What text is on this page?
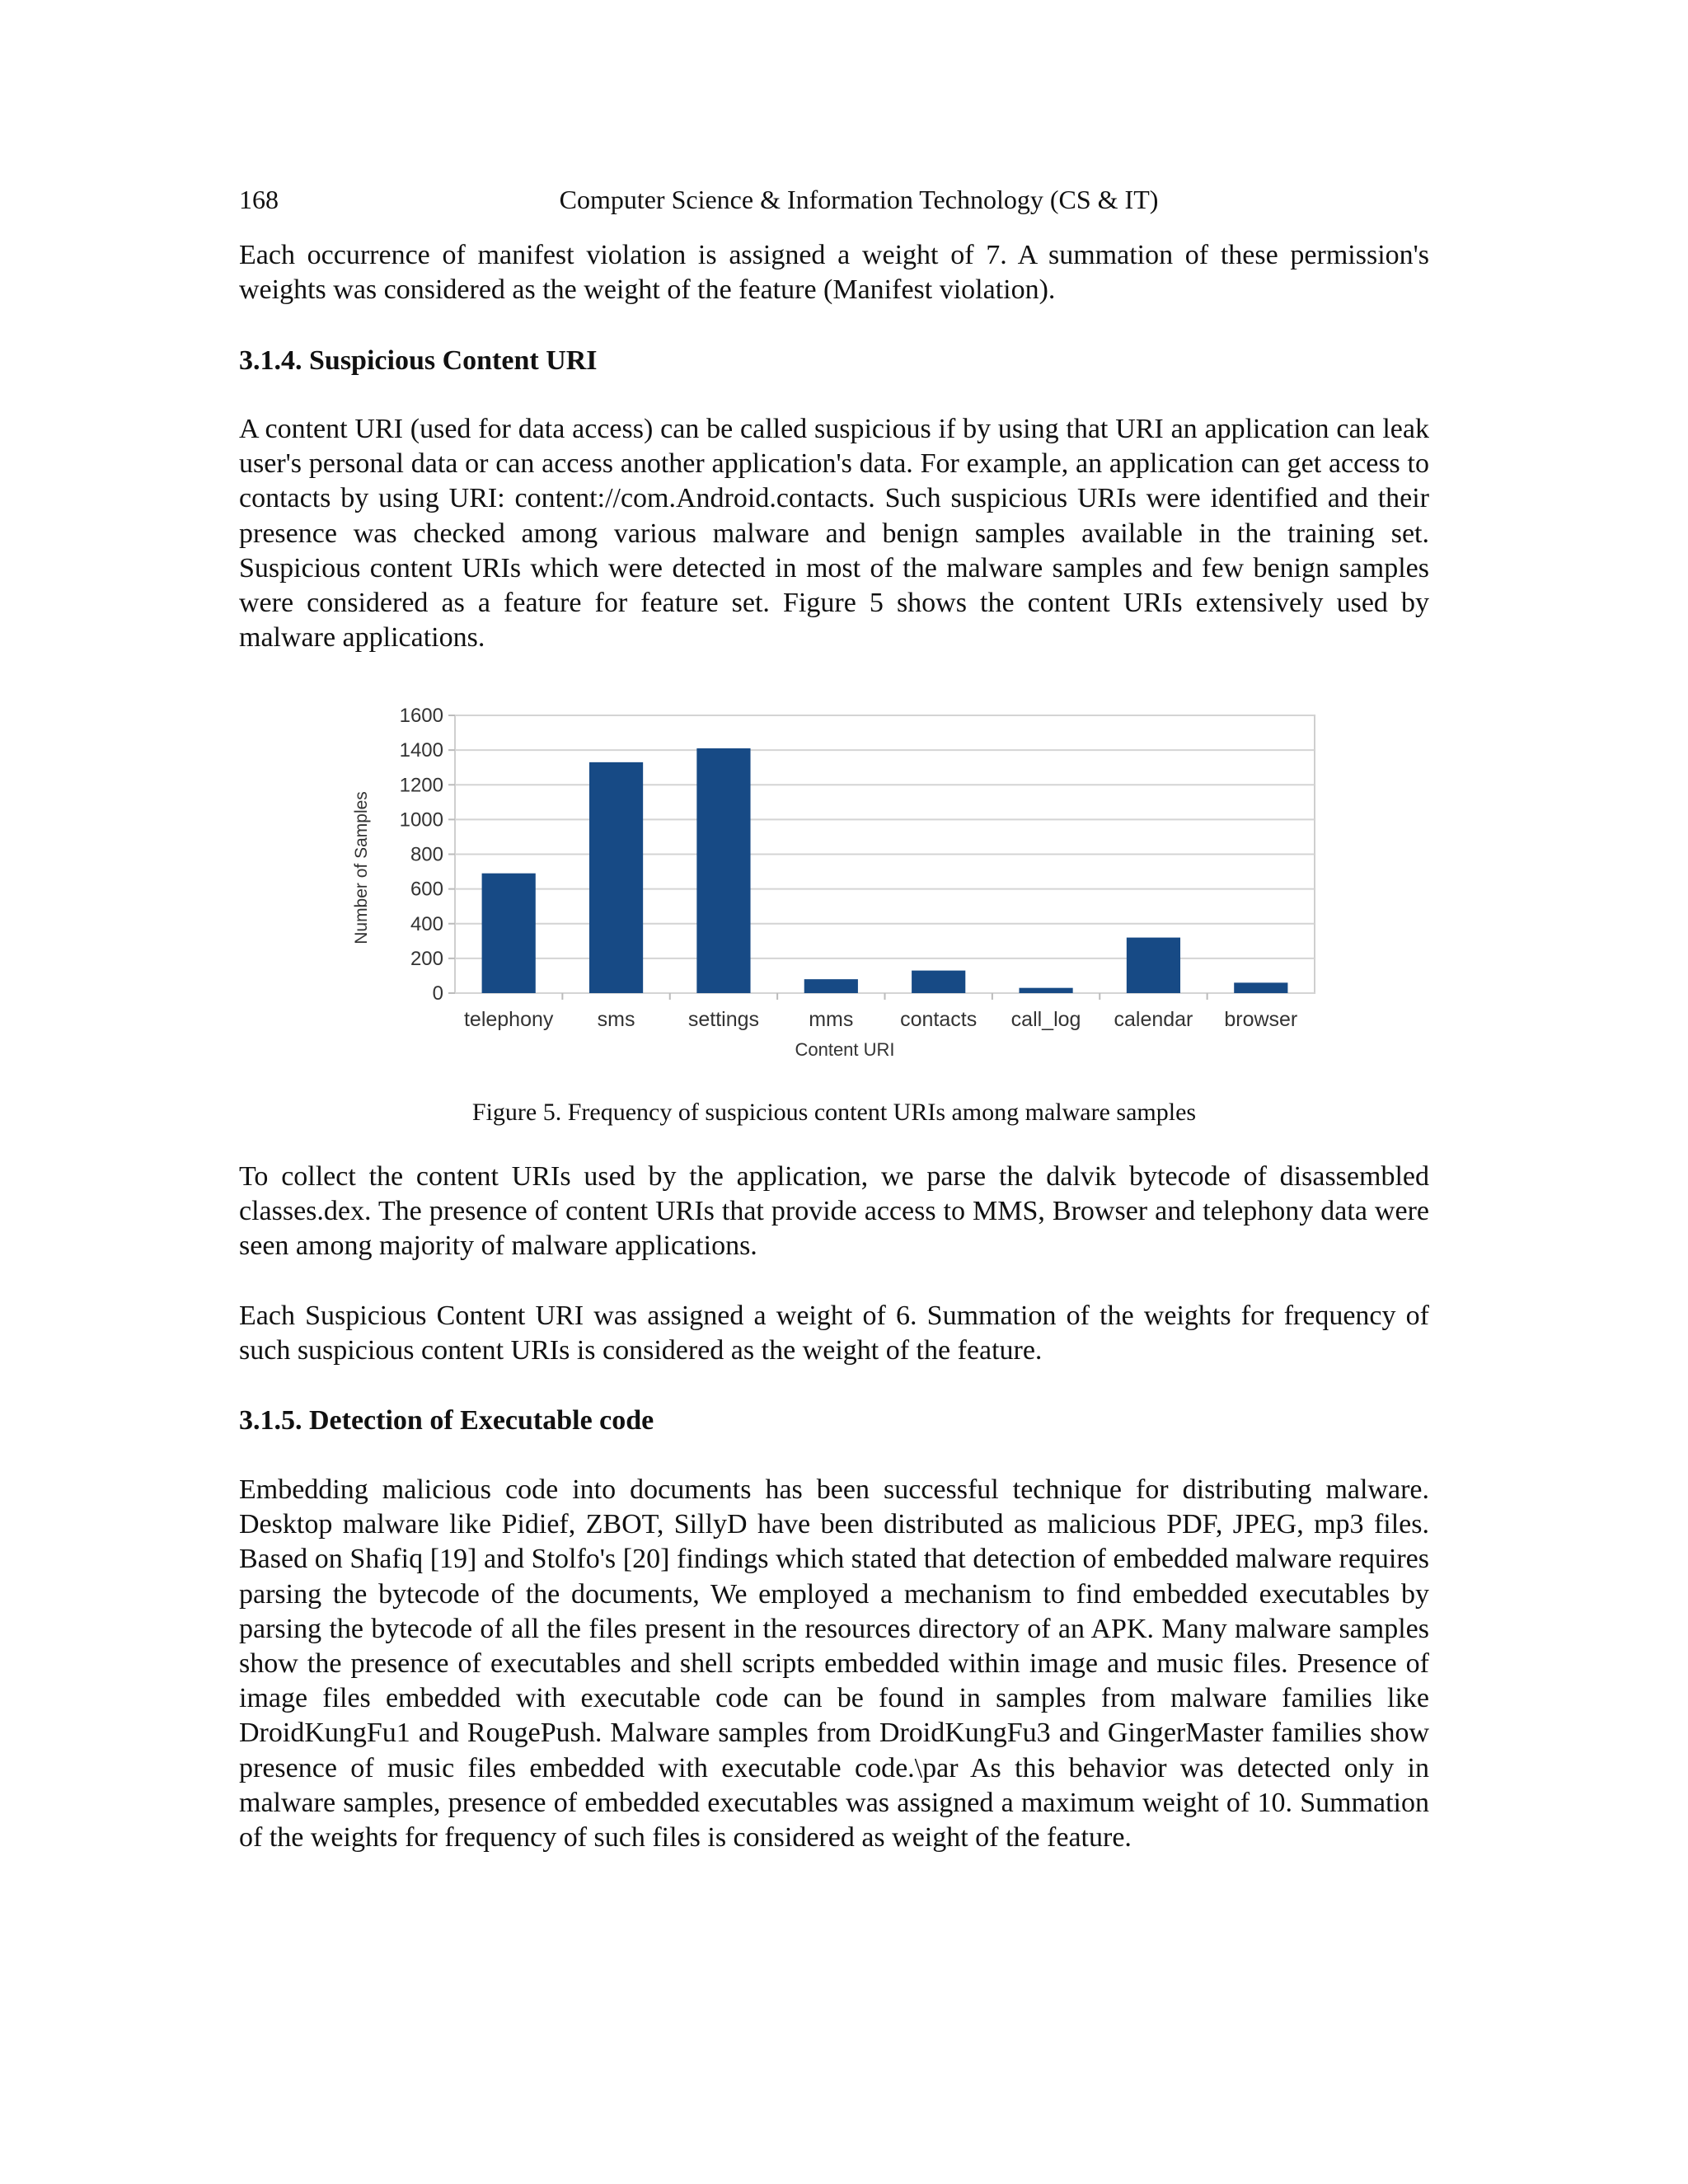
168	Computer Science & Information Technology (CS & IT)

Each occurrence of manifest violation is assigned a weight of 7. A summation of these permission's weights was considered as the weight of the feature (Manifest violation).

3.1.4. Suspicious Content URI

A content URI (used for data access) can be called suspicious if by using that URI an application can leak user's personal data or can access another application's data. For example, an application can get access to contacts by using URI: content://com.Android.contacts. Such suspicious URIs were identified and their presence was checked among various malware and benign samples available in the training set. Suspicious content URIs which were detected in most of the malware samples and few benign samples were considered as a feature for feature set. Figure 5 shows the content URIs extensively used by malware applications.

0
200
400
600
800
1000
1200
1400
1600
telephony sms	settings mms contacts call_log calendar browser
Number of Samples
Content URI

Figure 5. Frequency of suspicious content URIs among malware samples

To collect the content URIs used by the application, we parse the dalvik bytecode of disassembled classes.dex. The presence of content URIs that provide access to MMS, Browser and telephony data were seen among majority of malware applications.

Each Suspicious Content URI was assigned a weight of 6. Summation of the weights for frequency of such suspicious content URIs is considered as the weight of the feature.

3.1.5. Detection of Executable code

Embedding malicious code into documents has been successful technique for distributing malware. Desktop malware like Pidief, ZBOT, SillyD have been distributed as malicious PDF, JPEG, mp3 files. Based on Shafiq [19] and Stolfo's [20] findings which stated that detection of embedded malware requires parsing the bytecode of the documents, We employed a mechanism to find embedded executables by parsing the bytecode of all the files present in the resources directory of an APK. Many malware samples show the presence of executables and shell scripts embedded within image and music files. Presence of image files embedded with executable code can be found in samples from malware families like DroidKungFu1 and RougePush. Malware samples from DroidKungFu3 and GingerMaster families show presence of music files embedded with executable code.\par As this behavior was detected only in malware samples, presence of embedded executables was assigned a maximum weight of 10. Summation of the weights for frequency of such files is considered as weight of the feature.
